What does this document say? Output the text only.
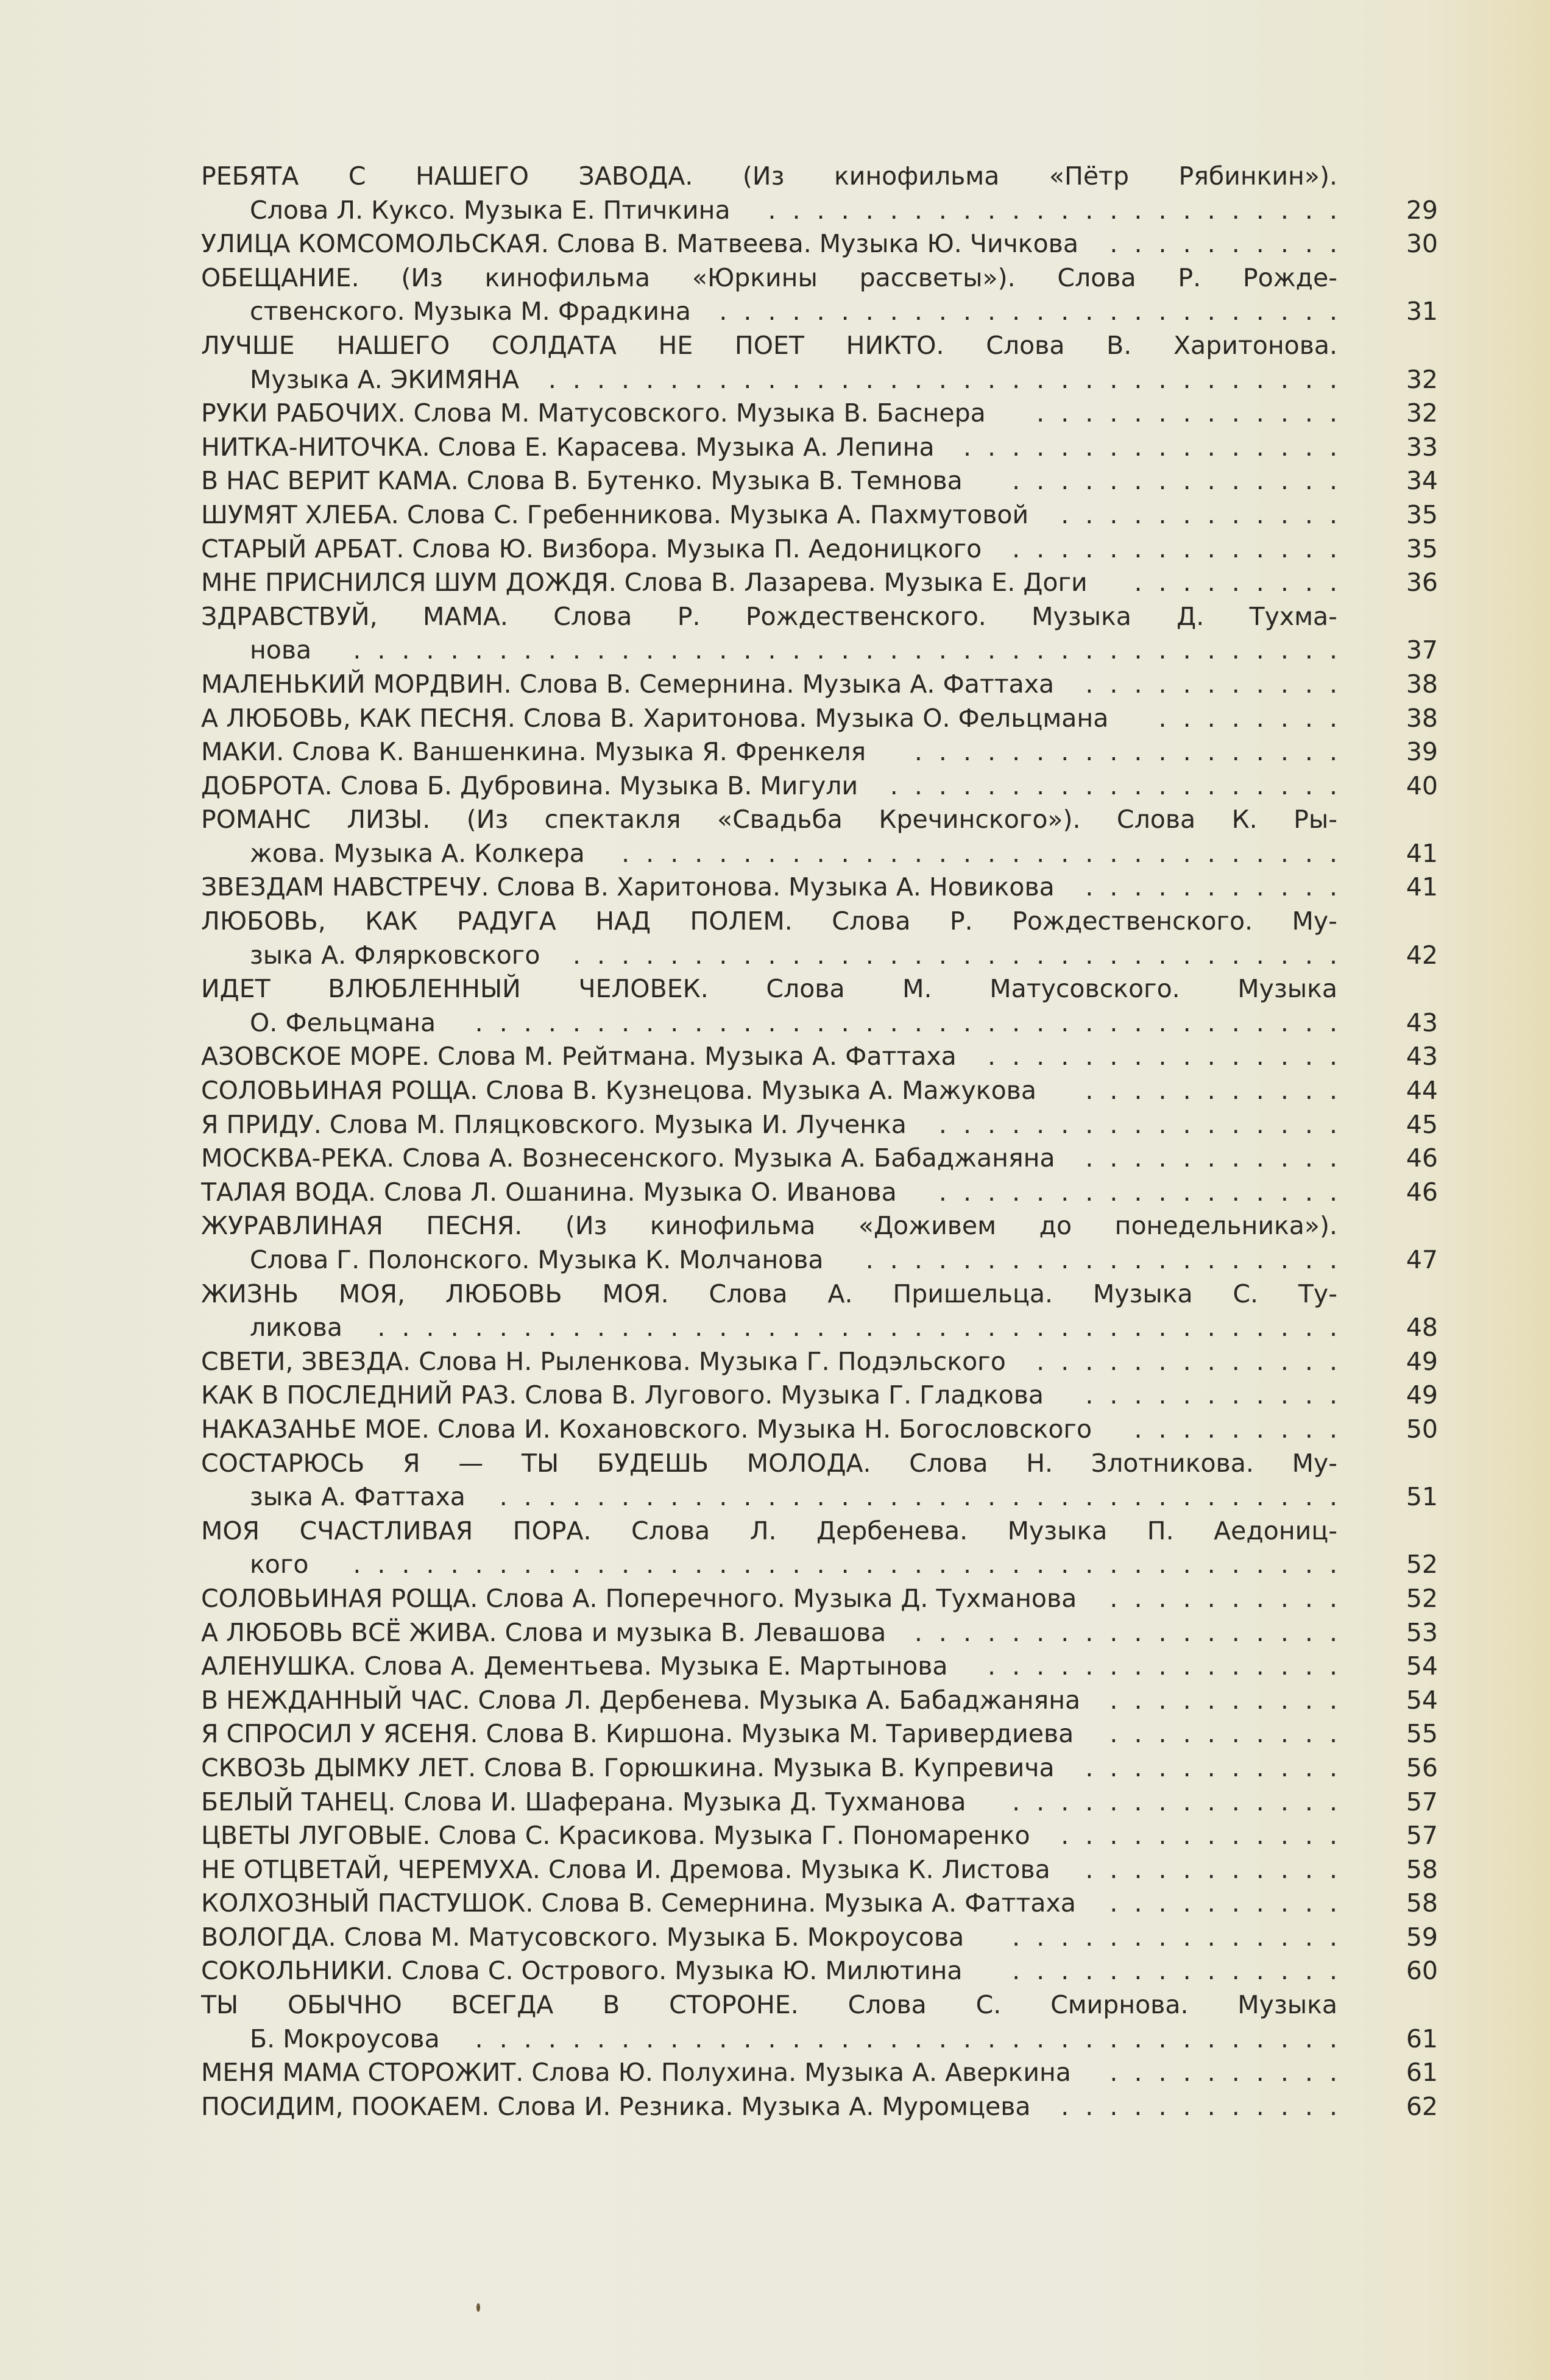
РЕБЯТА С НАШЕГО ЗАВОДА. (Из кинофильма «Пётр Рябинкин»).
Слова Л. Куксо. Музыка Е. Птичкина . . . . . . . . . . . . . . . . . . . . . . . .	29
УЛИЦА КОМСОМОЛЬСКАЯ. Слова В. Матвеева. Музыка Ю. Чичкова . . . . . . . . . .	30
ОБЕЩАНИЕ. (Из кинофильма «Юркины рассветы»). Слова Р. Рожде-
ственского. Музыка М. Фрадкина . . . . . . . . . . . . . . . . . . . . . . . . . .	31
ЛУЧШЕ НАШЕГО СОЛДАТА НЕ ПОЕТ НИКТО. Слова В. Харитонова.
Музыка А. ЭКИМЯНА . . . . . . . . . . . . . . . . . . . . . . . . . . . . . . . . .	32
РУКИ РАБОЧИХ. Слова М. Матусовского. Музыка В. Баснера . . . . . . . . . . . . .	32
НИТКА-НИТОЧКА. Слова Е. Карасева. Музыка А. Лепина . . . . . . . . . . . . . . . .	33
В НАС ВЕРИТ КАМА. Слова В. Бутенко. Музыка В. Темнова . . . . . . . . . . . . . .	34
ШУМЯТ ХЛЕБА. Слова С. Гребенникова. Музыка А. Пахмутовой . . . . . . . . . . . .	35
СТАРЫЙ АРБАТ. Слова Ю. Визбора. Музыка П. Аедоницкого . . . . . . . . . . . . . .	35
МНЕ ПРИСНИЛСЯ ШУМ ДОЖДЯ. Слова В. Лазарева. Музыка Е. Доги . . . . . . . . .	36
ЗДРАВСТВУЙ, МАМА. Слова Р. Рождественского. Музыка Д. Тухма-
нова . . . . . . . . . . . . . . . . . . . . . . . . . . . . . . . . . . . . . . . . .	37
МАЛЕНЬКИЙ МОРДВИН. Слова В. Семернина. Музыка А. Фаттаха . . . . . . . . . . .	38
А ЛЮБОВЬ, КАК ПЕСНЯ. Слова В. Харитонова. Музыка О. Фельцмана . . . . . . . .	38
МАКИ. Слова К. Ваншенкина. Музыка Я. Френкеля . . . . . . . . . . . . . . . . . .	39
ДОБРОТА. Слова Б. Дубровина. Музыка В. Мигули . . . . . . . . . . . . . . . . . . .	40
РОМАНС ЛИЗЫ. (Из спектакля «Свадьба Кречинского»). Слова К. Ры-
жова. Музыка А. Колкера . . . . . . . . . . . . . . . . . . . . . . . . . . . . . .	41
ЗВЕЗДАМ НАВСТРЕЧУ. Слова В. Харитонова. Музыка А. Новикова . . . . . . . . . . .	41
ЛЮБОВЬ, КАК РАДУГА НАД ПОЛЕМ. Слова Р. Рождественского. Му-
зыка А. Флярковского . . . . . . . . . . . . . . . . . . . . . . . . . . . . . . . .	42
ИДЕТ ВЛЮБЛЕННЫЙ ЧЕЛОВЕК. Слова М. Матусовского. Музыка
О. Фельцмана . . . . . . . . . . . . . . . . . . . . . . . . . . . . . . . . . . . .	43
АЗОВСКОЕ МОРЕ. Слова М. Рейтмана. Музыка А. Фаттаха . . . . . . . . . . . . . . .	43
СОЛОВЬИНАЯ РОЩА. Слова В. Кузнецова. Музыка А. Мажукова . . . . . . . . . . .	44
Я ПРИДУ. Слова М. Пляцковского. Музыка И. Лученка . . . . . . . . . . . . . . . . .	45
МОСКВА-РЕКА. Слова А. Вознесенского. Музыка А. Бабаджаняна . . . . . . . . . . .	46
ТАЛАЯ ВОДА. Слова Л. Ошанина. Музыка О. Иванова . . . . . . . . . . . . . . . . .	46
ЖУРАВЛИНАЯ ПЕСНЯ. (Из кинофильма «Доживем до понедельника»).
Слова Г. Полонского. Музыка К. Молчанова . . . . . . . . . . . . . . . . . . . .	47
ЖИЗНЬ МОЯ, ЛЮБОВЬ МОЯ. Слова А. Пришельца. Музыка С. Ту-
ликова . . . . . . . . . . . . . . . . . . . . . . . . . . . . . . . . . . . . . . . .	48
СВЕТИ, ЗВЕЗДА. Слова Н. Рыленкова. Музыка Г. Подэльского . . . . . . . . . . . . .	49
КАК В ПОСЛЕДНИЙ РАЗ. Слова В. Лугового. Музыка Г. Гладкова . . . . . . . . . . .	49
НАКАЗАНЬЕ МОЕ. Слова И. Кохановского. Музыка Н. Богословского . . . . . . . . .	50
СОСТАРЮСЬ Я — ТЫ БУДЕШЬ МОЛОДА. Слова Н. Злотникова. Му-
зыка А. Фаттаха . . . . . . . . . . . . . . . . . . . . . . . . . . . . . . . . . . .	51
МОЯ СЧАСТЛИВАЯ ПОРА. Слова Л. Дербенева. Музыка П. Аедониц-
кого . . . . . . . . . . . . . . . . . . . . . . . . . . . . . . . . . . . . . . . . .	52
СОЛОВЬИНАЯ РОЩА. Слова А. Поперечного. Музыка Д. Тухманова . . . . . . . . . .	52
А ЛЮБОВЬ ВСЁ ЖИВА. Слова и музыка В. Левашова . . . . . . . . . . . . . . . . . .	53
АЛЕНУШКА. Слова А. Дементьева. Музыка Е. Мартынова . . . . . . . . . . . . . . .	54
В НЕЖДАННЫЙ ЧАС. Слова Л. Дербенева. Музыка А. Бабаджаняна . . . . . . . . . .	54
Я СПРОСИЛ У ЯСЕНЯ. Слова В. Киршона. Музыка М. Таривердиева . . . . . . . . . .	55
СКВОЗЬ ДЫМКУ ЛЕТ. Слова В. Горюшкина. Музыка В. Купревича . . . . . . . . . . .	56
БЕЛЫЙ ТАНЕЦ. Слова И. Шаферана. Музыка Д. Тухманова . . . . . . . . . . . . . .	57
ЦВЕТЫ ЛУГОВЫЕ. Слова С. Красикова. Музыка Г. Пономаренко . . . . . . . . . . . .	57
НЕ ОТЦВЕТАЙ, ЧЕРЕМУХА. Слова И. Дремова. Музыка К. Листова . . . . . . . . . . .	58
КОЛХОЗНЫЙ ПАСТУШОК. Слова В. Семернина. Музыка А. Фаттаха . . . . . . . . . .	58
ВОЛОГДА. Слова М. Матусовского. Музыка Б. Мокроусова . . . . . . . . . . . . . .	59
СОКОЛЬНИКИ. Слова С. Острового. Музыка Ю. Милютина . . . . . . . . . . . . . .	60
ТЫ ОБЫЧНО ВСЕГДА В СТОРОНЕ. Слова С. Смирнова. Музыка
Б. Мокроусова . . . . . . . . . . . . . . . . . . . . . . . . . . . . . . . . . . . .	61
МЕНЯ МАМА СТОРОЖИТ. Слова Ю. Полухина. Музыка А. Аверкина . . . . . . . . . .	61
ПОСИДИМ, ПООКАЕМ. Слова И. Резника. Музыка А. Муромцева . . . . . . . . . . . .	62
